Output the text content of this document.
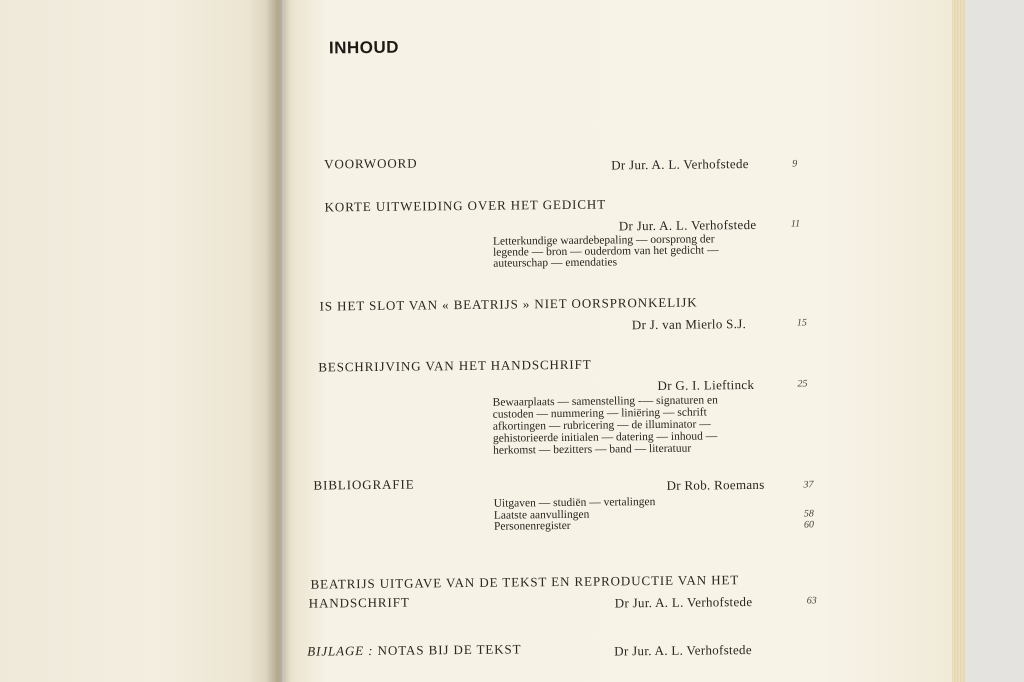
INHOUD
VOORWOORD	Dr Jur. A. L. Verhofstede	9
KORTE UITWEIDING OVER HET GEDICHT
Dr Jur. A. L. Verhofstede	11
Letterkundige waardebepaling — oorsprong der
legende — bron — ouderdom van het gedicht —
auteurschap — emendaties
IS HET SLOT VAN « BEATRIJS » NIET OORSPRONKELIJK
Dr J. van Mierlo S.J.	15
BESCHRIJVING VAN HET HANDSCHRIFT
Dr G. I. Lieftinck	25
Bewaarplaats — samenstelling -— signaturen en
custoden — nummering — liniëring — schrift
afkortingen — rubricering — de illuminator —
gehistorieerde initialen — datering — inhoud —
herkomst — bezitters — band — literatuur
BIBLIOGRAFIE	Dr Rob. Roemans	37
Uitgaven — studiën — vertalingen
Laatste aanvullingen	58
Personenregister	60
BEATRIJS UITGAVE VAN DE TEKST EN REPRODUCTIE VAN HET
HANDSCHRIFT	Dr Jur. A. L. Verhofstede	63
BIJLAGE : NOTAS BIJ DE TEKST	Dr Jur. A. L. Verhofstede
